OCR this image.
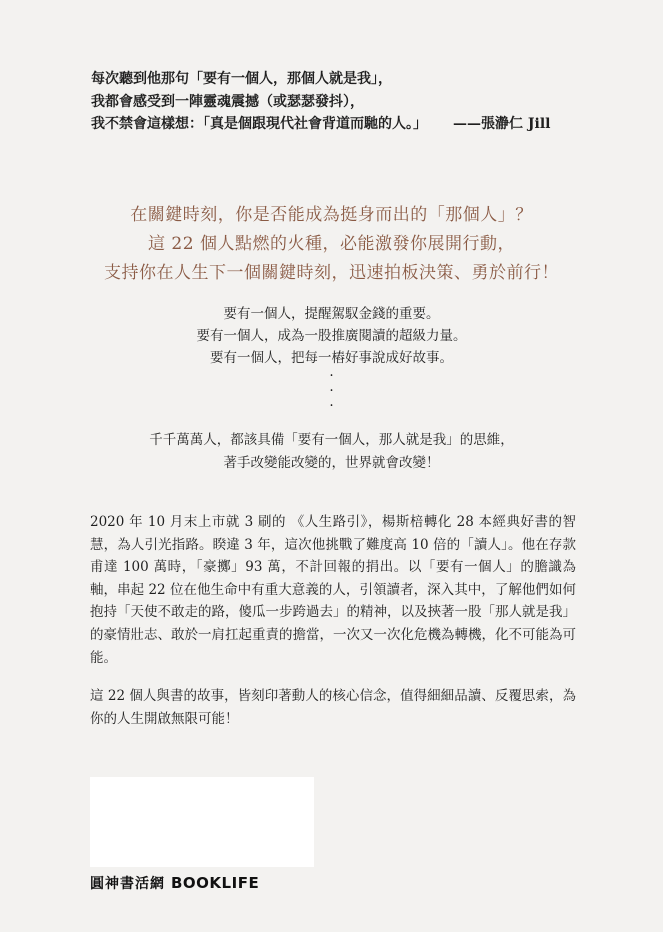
每次聽到他那句「要有一個人，那個人就是我」，
我都會感受到一陣靈魂震撼（或瑟瑟發抖），
我不禁會這樣想：「真是個跟現代社會背道而馳的人。」 ——張瀞仁 Jill
在關鍵時刻，你是否能成為挺身而出的「那個人」？
這 22 個人點燃的火種，必能激發你展開行動，
支持你在人生下一個關鍵時刻，迅速拍板決策、勇於前行！
要有一個人，提醒駕馭金錢的重要。
要有一個人，成為一股推廣閱讀的超級力量。
要有一個人，把每一樁好事說成好故事。
·
·
·
千千萬萬人，都該具備「要有一個人，那人就是我」的思維，
著手改變能改變的，世界就會改變！
2020 年 10 月末上市就 3 刷的 《人生路引》，楊斯棓轉化 28 本經典好書的智慧，為人引光指路。睽違 3 年，這次他挑戰了難度高 10 倍的「讀人」。他在存款甫達 100 萬時，「豪擲」93 萬，不計回報的捐出。以「要有一個人」的膽識為軸，串起 22 位在他生命中有重大意義的人，引領讀者，深入其中，了解他們如何抱持「天使不敢走的路，傻瓜一步跨過去」的精神，以及挾著一股「那人就是我」的豪情壯志、敢於一肩扛起重責的擔當，一次又一次化危機為轉機，化不可能為可能。
這 22 個人與書的故事，皆刻印著動人的核心信念，值得細細品讀、反覆思索，為你的人生開啟無限可能！
圓神書活網 BOOKLIFE
